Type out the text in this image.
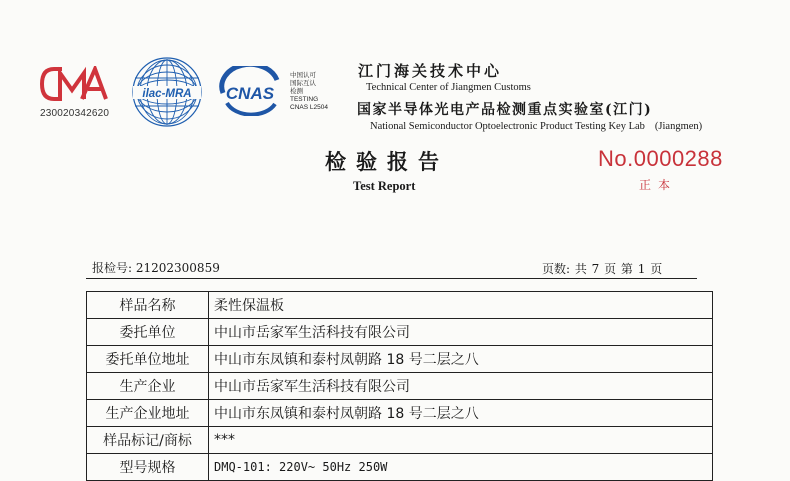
230020342620
ilac-MRA CNAS
中国认可
国际互认
检测
TESTING
CNAS L2504
江门海关技术中心
Technical Center of Jiangmen Customs
国家半导体光电产品检测重点实验室(江门)
National Semiconductor Optoelectronic Product Testing Key Lab (Jiangmen)
检验报告
Test Report
No.0000288
正本
报检号: 21202300859	页数: 共 7 页 第 1 页
样品名称	柔性保温板
委托单位	中山市岳家军生活科技有限公司
委托单位地址	中山市东凤镇和泰村凤朝路 18 号二层之八
生产企业	中山市岳家军生活科技有限公司
生产企业地址	中山市东凤镇和泰村凤朝路 18 号二层之八
样品标记/商标	***
型号规格	DMQ-101: 220V~ 50Hz 250W
